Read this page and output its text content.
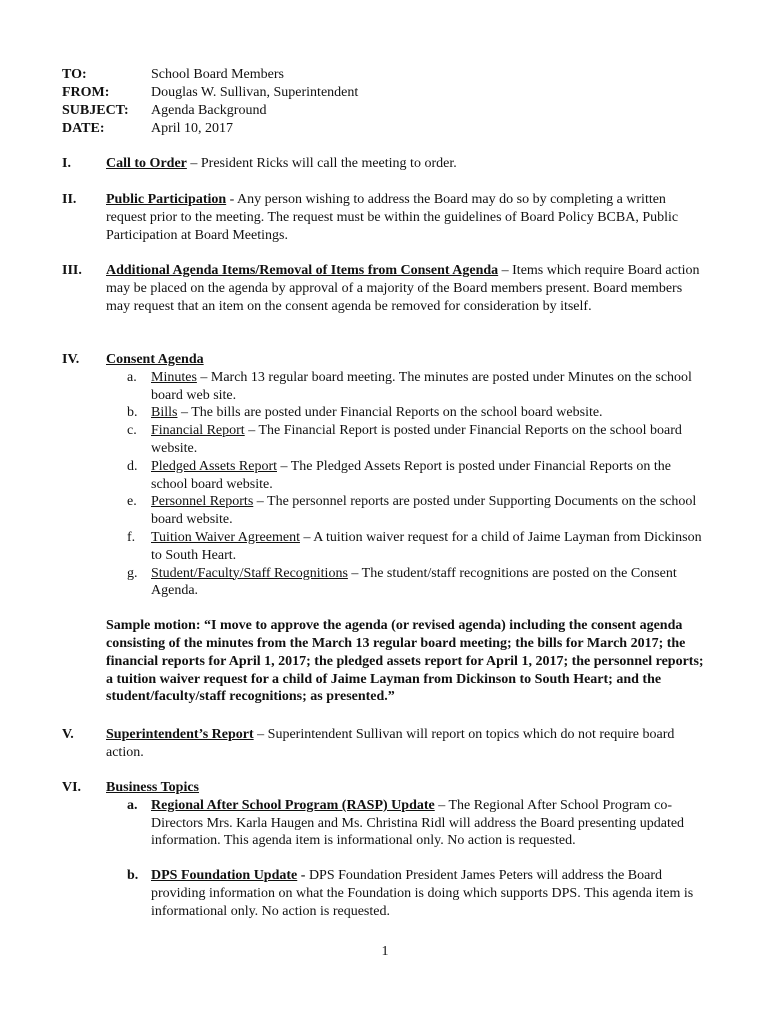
TO:	School Board Members
FROM:	Douglas W. Sullivan, Superintendent
SUBJECT:	Agenda Background
DATE:	April 10, 2017
I.	Call to Order – President Ricks will call the meeting to order.
II. Public Participation - Any person wishing to address the Board may do so by completing a written request prior to the meeting. The request must be within the guidelines of Board Policy BCBA, Public Participation at Board Meetings.
III. Additional Agenda Items/Removal of Items from Consent Agenda – Items which require Board action may be placed on the agenda by approval of a majority of the Board members present. Board members may request that an item on the consent agenda be removed for consideration by itself.
IV. Consent Agenda
a. Minutes – March 13 regular board meeting. The minutes are posted under Minutes on the school board web site.
b. Bills – The bills are posted under Financial Reports on the school board website.
c. Financial Report – The Financial Report is posted under Financial Reports on the school board website.
d. Pledged Assets Report – The Pledged Assets Report is posted under Financial Reports on the school board website.
e. Personnel Reports – The personnel reports are posted under Supporting Documents on the school board website.
f. Tuition Waiver Agreement – A tuition waiver request for a child of Jaime Layman from Dickinson to South Heart.
g. Student/Faculty/Staff Recognitions – The student/staff recognitions are posted on the Consent Agenda.
Sample motion: “I move to approve the agenda (or revised agenda) including the consent agenda consisting of the minutes from the March 13 regular board meeting; the bills for March 2017; the financial reports for April 1, 2017; the pledged assets report for April 1, 2017; the personnel reports; a tuition waiver request for a child of Jaime Layman from Dickinson to South Heart; and the student/faculty/staff recognitions; as presented.”
V. Superintendent’s Report – Superintendent Sullivan will report on topics which do not require board action.
VI. Business Topics
a. Regional After School Program (RASP) Update – The Regional After School Program co-Directors Mrs. Karla Haugen and Ms. Christina Ridl will address the Board presenting updated information. This agenda item is informational only. No action is requested.
b. DPS Foundation Update - DPS Foundation President James Peters will address the Board providing information on what the Foundation is doing which supports DPS. This agenda item is informational only. No action is requested.
1
